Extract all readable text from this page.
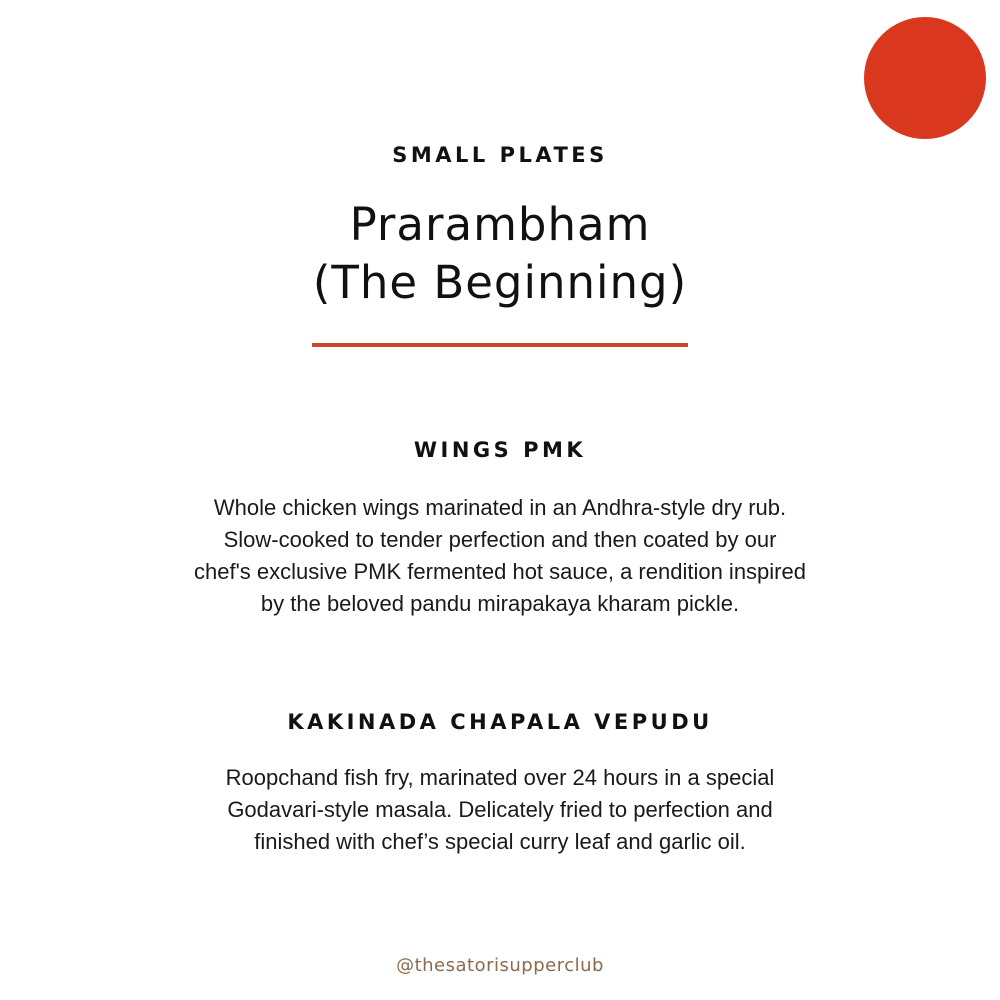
SMALL PLATES
Prarambham
(The Beginning)
WINGS PMK
Whole chicken wings marinated in an Andhra-style dry rub.
Slow-cooked to tender perfection and then coated by our
chef's exclusive PMK fermented hot sauce, a rendition inspired
by the beloved pandu mirapakaya kharam pickle.
KAKINADA CHAPALA VEPUDU
Roopchand fish fry, marinated over 24 hours in a special
Godavari-style masala. Delicately fried to perfection and
finished with chef’s special curry leaf and garlic oil.
@thesatorisupperclub
